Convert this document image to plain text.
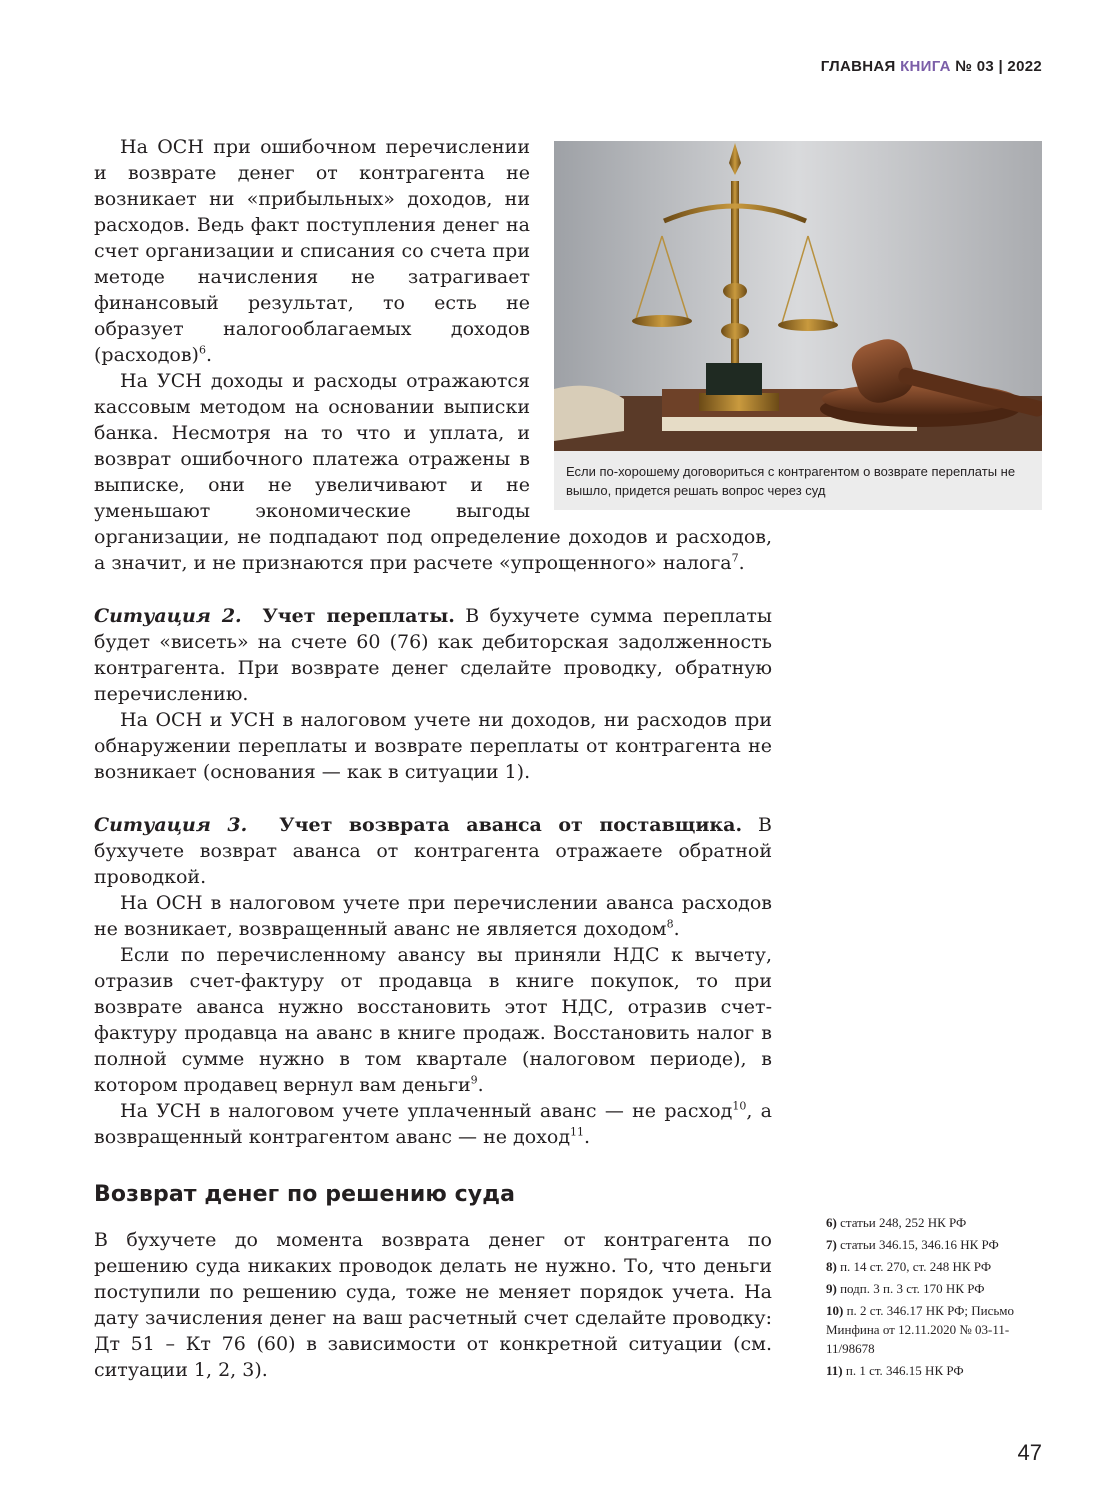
ГЛАВНАЯ КНИГА № 03 | 2022
Если по-хорошему договориться с контрагентом о возврате переплаты не вышло, придется решать вопрос через суд

На ОСН при ошибочном перечислении и возврате денег от контрагента не возникает ни «прибыльных» доходов, ни расходов. Ведь факт поступления денег на счет организации и списания со счета при методе начисления не затрагивает финансовый результат, то есть не образует налогооблагаемых доходов (расходов)$^6$.

На УСН доходы и расходы отражаются кассовым методом на основании выписки банка. Несмотря на то что и уплата, и возврат ошибочного платежа отражены в выписке, они не увеличивают и не уменьшают экономические выгоды организации, не подпадают под определение доходов и расходов, а значит, и не признаются при расчете «упрощенного» налога$^7$.

Ситуация 2. Учет переплаты. В бухучете сумма переплаты будет «висеть» на счете 60 (76) как дебиторская задолженность контрагента. При возврате денег сделайте проводку, обратную перечислению.

На ОСН и УСН в налоговом учете ни доходов, ни расходов при обнаружении переплаты и возврате переплаты от контрагента не возникает (основания — как в ситуации 1).

Ситуация 3. Учет возврата аванса от поставщика. В бухучете возврат аванса от контрагента отражаете обратной проводкой.

На ОСН в налоговом учете при перечислении аванса расходов не возникает, возвращенный аванс не является доходом$^8$.

Если по перечисленному авансу вы приняли НДС к вычету, отразив счет-фактуру от продавца в книге покупок, то при возврате аванса нужно восстановить этот НДС, отразив счет-фактуру продавца на аванс в книге продаж. Восстановить налог в полной сумме нужно в том квартале (налоговом периоде), в котором продавец вернул вам деньги$^9$.

На УСН в налоговом учете уплаченный аванс — не расход$^{10}$, а возвращенный контрагентом аванс — не доход$^{11}$.

Возврат денег по решению суда

В бухучете до момента возврата денег от контрагента по решению суда никаких проводок делать не нужно. То, что деньги поступили по решению суда, тоже не меняет порядок учета. На дату зачисления денег на ваш расчетный счет сделайте проводку: Дт 51 – Кт 76 (60) в зависимости от конкретной ситуации (см. ситуации 1, 2, 3).

6) статьи 248, 252 НК РФ
7) статьи 346.15, 346.16 НК РФ
8) п. 14 ст. 270, ст. 248 НК РФ
9) подп. 3 п. 3 ст. 170 НК РФ
10) п. 2 ст. 346.17 НК РФ; Письмо Минфина от 12.11.2020 № 03-11-11/98678
11) п. 1 ст. 346.15 НК РФ
47
